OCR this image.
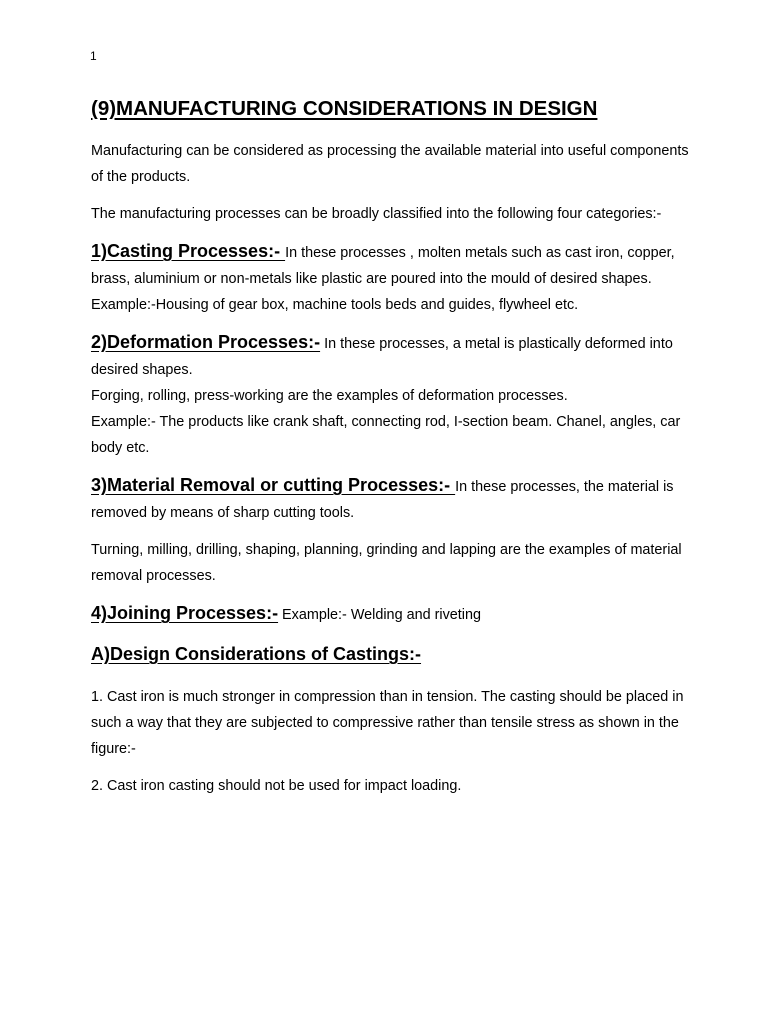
1
(9)MANUFACTURING CONSIDERATIONS IN DESIGN

Manufacturing can be considered as processing the available material into useful components of the products.

The manufacturing processes can be broadly classified into the following four categories:-

1)Casting Processes:- In these processes , molten metals such as cast iron, copper, brass, aluminium or non-metals like plastic are poured into the mould of desired shapes. Example:-Housing of gear box, machine tools beds and guides, flywheel etc.

2)Deformation Processes:- In these processes, a metal is plastically deformed into desired shapes.

Forging, rolling, press-working are the examples of deformation processes.

Example:- The products like crank shaft, connecting rod, I-section beam. Chanel, angles, car body etc.

3)Material Removal or cutting Processes:- In these processes, the material is removed by means of sharp cutting tools.

Turning, milling, drilling, shaping, planning, grinding and lapping are the examples of material removal processes.

4)Joining Processes:- Example:- Welding and riveting

A)Design Considerations of Castings:-

1. Cast iron is much stronger in compression than in tension. The casting should be placed in such a way that they are subjected to compressive rather than tensile stress as shown in the figure:-

2. Cast iron casting should not be used for impact loading.
